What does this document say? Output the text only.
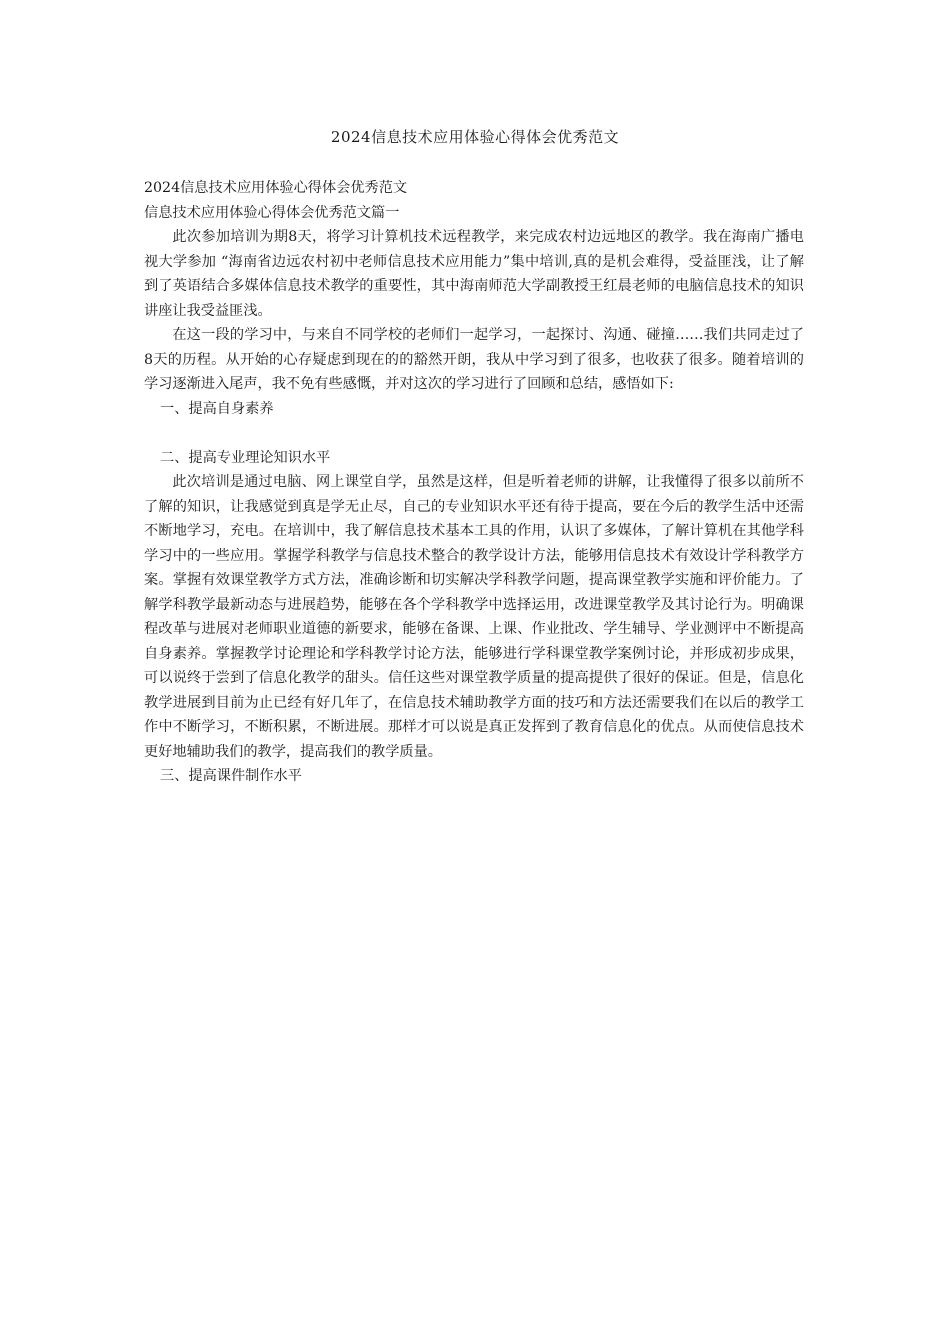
2024信息技术应用体验心得体会优秀范文

2024信息技术应用体验心得体会优秀范文

信息技术应用体验心得体会优秀范文篇一

此次参加培训为期8天，将学习计算机技术远程教学，来完成农村边远地区的教学。我在海南广播电视大学参加 “海南省边远农村初中老师信息技术应用能力”集中培训,真的是机会难得，受益匪浅，让了解到了英语结合多媒体信息技术教学的重要性，其中海南师范大学副教授王红晨老师的电脑信息技术的知识讲座让我受益匪浅。

在这一段的学习中，与来自不同学校的老师们一起学习，一起探讨、沟通、碰撞……我们共同走过了8天的历程。从开始的心存疑虑到现在的的豁然开朗，我从中学习到了很多，也收获了很多。随着培训的学习逐渐进入尾声，我不免有些感慨，并对这次的学习进行了回顾和总结，感悟如下:

一、提高自身素养

二、提高专业理论知识水平

此次培训是通过电脑、网上课堂自学，虽然是这样，但是听着老师的讲解，让我懂得了很多以前所不了解的知识，让我感觉到真是学无止尽，自己的专业知识水平还有待于提高，要在今后的教学生活中还需不断地学习，充电。在培训中，我了解信息技术基本工具的作用，认识了多媒体，了解计算机在其他学科学习中的一些应用。掌握学科教学与信息技术整合的教学设计方法，能够用信息技术有效设计学科教学方案。掌握有效课堂教学方式方法，准确诊断和切实解决学科教学问题，提高课堂教学实施和评价能力。了解学科教学最新动态与进展趋势，能够在各个学科教学中选择运用，改进课堂教学及其讨论行为。明确课程改革与进展对老师职业道德的新要求，能够在备课、上课、作业批改、学生辅导、学业测评中不断提高自身素养。掌握教学讨论理论和学科教学讨论方法，能够进行学科课堂教学案例讨论，并形成初步成果，可以说终于尝到了信息化教学的甜头。信任这些对课堂教学质量的提高提供了很好的保证。但是，信息化教学进展到目前为止已经有好几年了，在信息技术辅助教学方面的技巧和方法还需要我们在以后的教学工作中不断学习，不断积累，不断进展。那样才可以说是真正发挥到了教育信息化的优点。从而使信息技术更好地辅助我们的教学，提高我们的教学质量。

三、提高课件制作水平
